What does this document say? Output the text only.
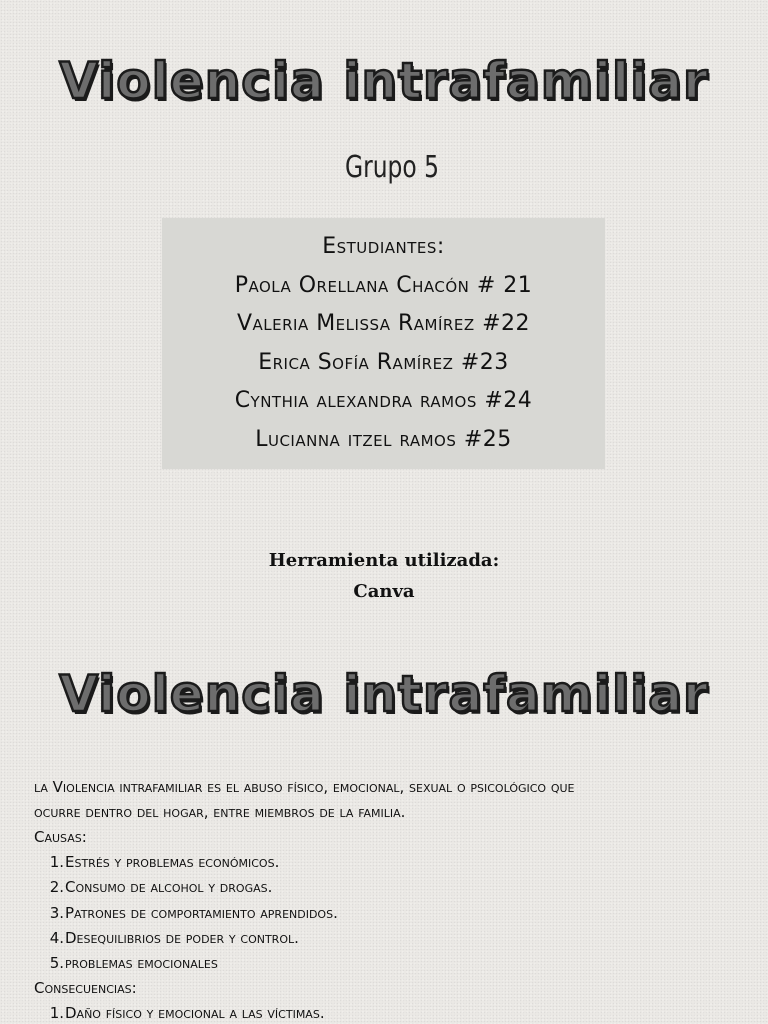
Violencia intrafamiliar
Grupo 5
Estudiantes:
Paola Orellana Chacón # 21
Valeria Melissa Ramírez #22
Erica Sofía Ramírez #23
Cynthia alexandra ramos #24
Lucianna itzel ramos #25
Herramienta utilizada:
Canva
Violencia intrafamiliar
la Violencia intrafamiliar es el abuso físico, emocional, sexual o psicológico que
ocurre dentro del hogar, entre miembros de la familia.
Causas:
1. Estrés y problemas económicos.
2. Consumo de alcohol y drogas.
3. Patrones de comportamiento aprendidos.
4. Desequilibrios de poder y control.
5. problemas emocionales
Consecuencias:
1. Daño físico y emocional a las víctimas.
